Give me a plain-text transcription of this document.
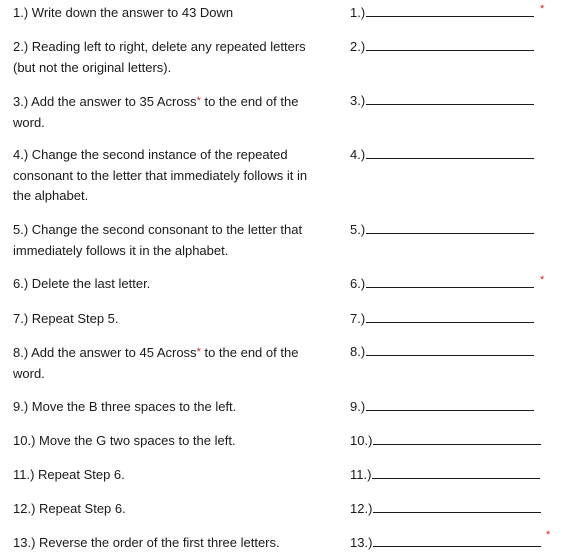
1.) Write down the answer to 43 Down	1.)	*
2.) Reading left to right, delete any repeated letters (but not the original letters).
2.)
3.) Add the answer to 35 Across* to the end of the word.
3.)
4.) Change the second instance of the repeated consonant to the letter that immediately follows it in the alphabet.
4.)
5.) Change the second consonant to the letter that immediately follows it in the alphabet.
5.)
6.) Delete the last letter.	6.)	*
7.) Repeat Step 5.	7.)
8.) Add the answer to 45 Across* to the end of the word.
8.)
9.) Move the B three spaces to the left.	9.)
10.) Move the G two spaces to the left.	10.)
11.) Repeat Step 6.	11.)
12.) Repeat Step 6.	12.)
13.) Reverse the order of the first three letters.	13.)	*
